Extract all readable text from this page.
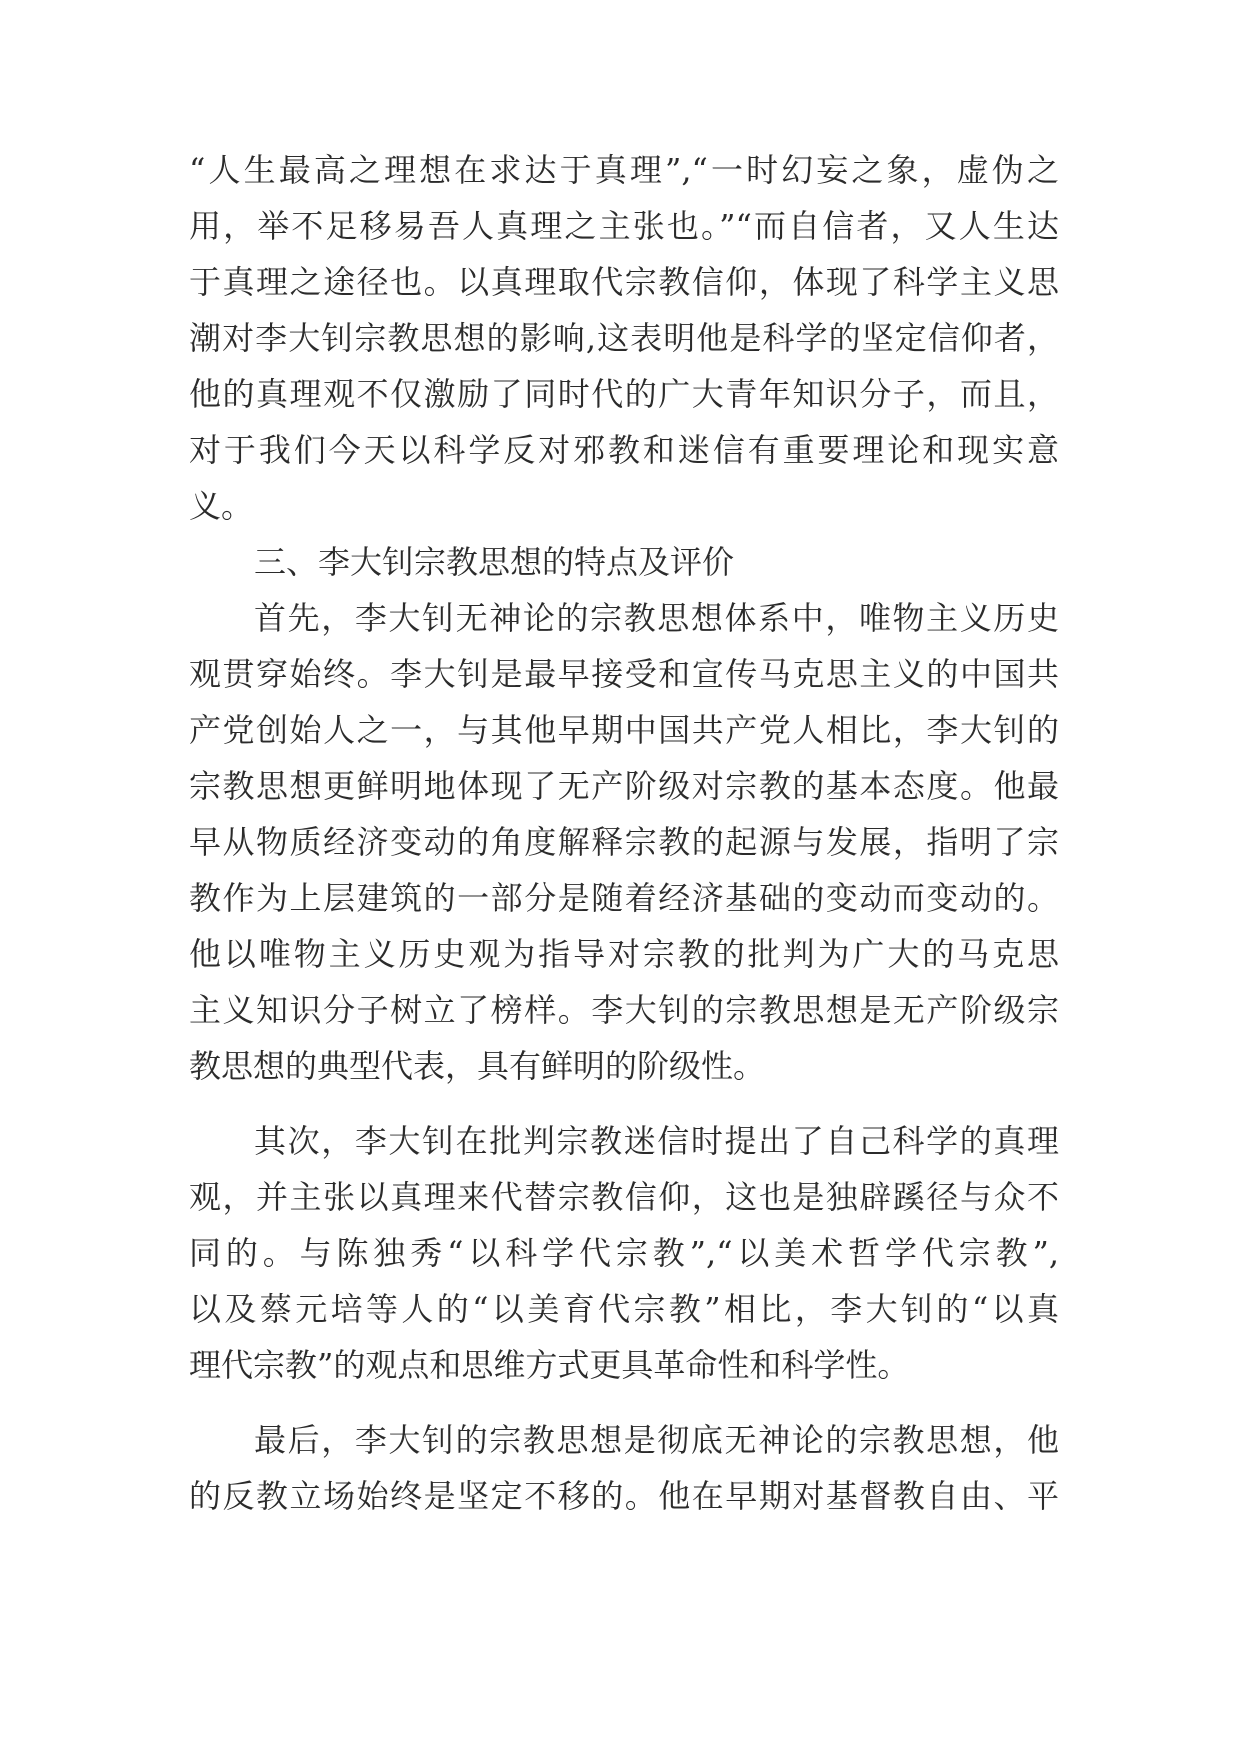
“人生最高之理想在求达于真理”,“一时幻妄之象，虚伪之
用，举不足移易吾人真理之主张也。”“而自信者，又人生达
于真理之途径也。以真理取代宗教信仰，体现了科学主义思
潮对李大钊宗教思想的影响,这表明他是科学的坚定信仰者，
他的真理观不仅激励了同时代的广大青年知识分子，而且，
对于我们今天以科学反对邪教和迷信有重要理论和现实意
义。
三、李大钊宗教思想的特点及评价
首先，李大钊无神论的宗教思想体系中，唯物主义历史
观贯穿始终。李大钊是最早接受和宣传马克思主义的中国共
产党创始人之一，与其他早期中国共产党人相比，李大钊的
宗教思想更鲜明地体现了无产阶级对宗教的基本态度。他最
早从物质经济变动的角度解释宗教的起源与发展，指明了宗
教作为上层建筑的一部分是随着经济基础的变动而变动的。
他以唯物主义历史观为指导对宗教的批判为广大的马克思
主义知识分子树立了榜样。李大钊的宗教思想是无产阶级宗
教思想的典型代表，具有鲜明的阶级性。
其次，李大钊在批判宗教迷信时提出了自己科学的真理
观，并主张以真理来代替宗教信仰，这也是独辟蹊径与众不
同的。与陈独秀“以科学代宗教”,“以美术哲学代宗教”,
以及蔡元培等人的“以美育代宗教”相比，李大钊的“以真
理代宗教”的观点和思维方式更具革命性和科学性。
最后，李大钊的宗教思想是彻底无神论的宗教思想，他
的反教立场始终是坚定不移的。他在早期对基督教自由、平
